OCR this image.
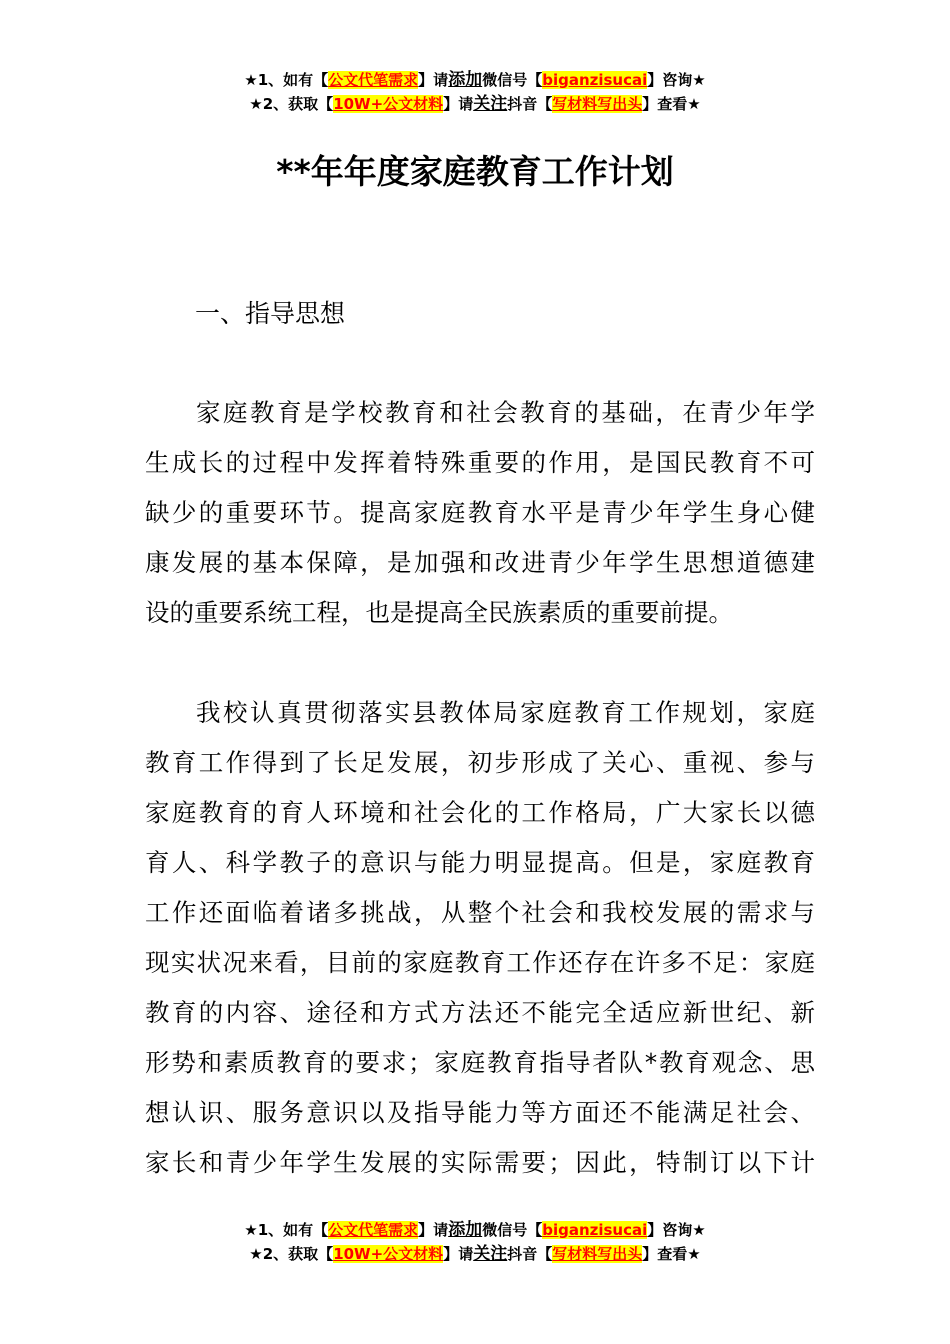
★1、如有【公文代笔需求】请添加微信号【biganzisucai】咨询★
★2、获取【10W+公文材料】请关注抖音【写材料写出头】查看★
**年年度家庭教育工作计划
一、指导思想
家庭教育是学校教育和社会教育的基础，在青少年学
生成长的过程中发挥着特殊重要的作用，是国民教育不可
缺少的重要环节。提高家庭教育水平是青少年学生身心健
康发展的基本保障，是加强和改进青少年学生思想道德建
设的重要系统工程，也是提高全民族素质的重要前提。
我校认真贯彻落实县教体局家庭教育工作规划，家庭
教育工作得到了长足发展，初步形成了关心、重视、参与
家庭教育的育人环境和社会化的工作格局，广大家长以德
育人、科学教子的意识与能力明显提高。但是，家庭教育
工作还面临着诸多挑战，从整个社会和我校发展的需求与
现实状况来看，目前的家庭教育工作还存在许多不足：家庭
教育的内容、途径和方式方法还不能完全适应新世纪、新
形势和素质教育的要求；家庭教育指导者队*教育观念、思
想认识、服务意识以及指导能力等方面还不能满足社会、
家长和青少年学生发展的实际需要；因此，特制订以下计
★1、如有【公文代笔需求】请添加微信号【biganzisucai】咨询★
★2、获取【10W+公文材料】请关注抖音【写材料写出头】查看★
